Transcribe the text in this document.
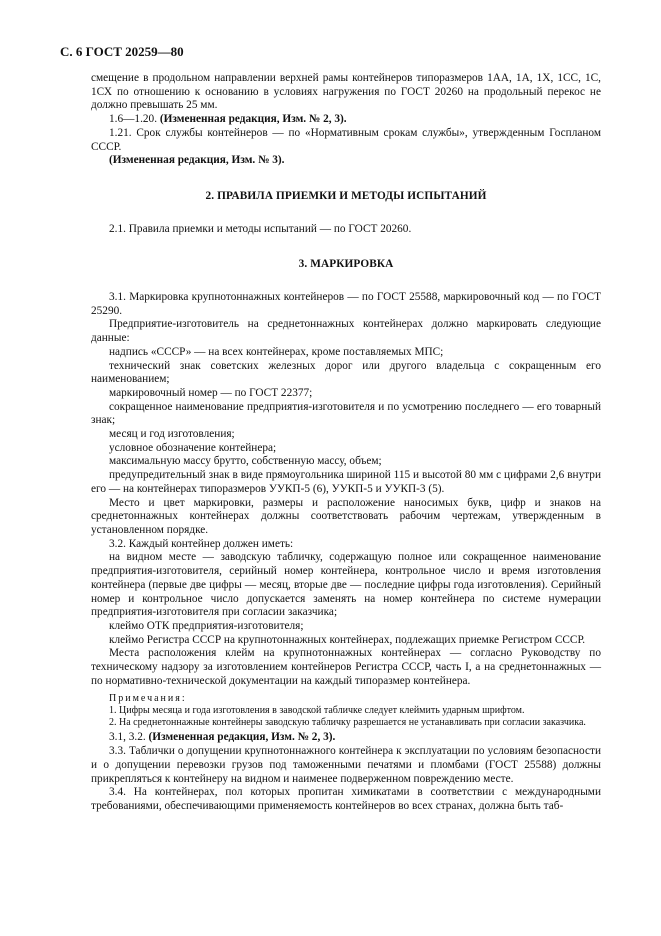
С. 6 ГОСТ 20259—80

смещение в продольном направлении верхней рамы контейнеров типоразмеров 1АА, 1А, 1Х, 1СС, 1С, 1СХ по отношению к основанию в условиях нагружения по ГОСТ 20260 на продольный перекос не должно превышать 25 мм.

1.6—1.20. (Измененная редакция, Изм. № 2, 3).

1.21. Срок службы контейнеров — по «Нормативным срокам службы», утвержденным Госпланом СССР.

(Измененная редакция, Изм. № 3).

2. ПРАВИЛА ПРИЕМКИ И МЕТОДЫ ИСПЫТАНИЙ

2.1. Правила приемки и методы испытаний — по ГОСТ 20260.

3. МАРКИРОВКА

3.1. Маркировка крупнотоннажных контейнеров — по ГОСТ 25588, маркировочный код — по ГОСТ 25290.

Предприятие-изготовитель на среднетоннажных контейнерах должно маркировать следующие данные:

надпись «СССР» — на всех контейнерах, кроме поставляемых МПС;

технический знак советских железных дорог или другого владельца с сокращенным его наименованием;

маркировочный номер — по ГОСТ 22377;

сокращенное наименование предприятия-изготовителя и по усмотрению последнего — его товарный знак;

месяц и год изготовления;

условное обозначение контейнера;

максимальную массу брутто, собственную массу, объем;

предупредительный знак в виде прямоугольника шириной 115 и высотой 80 мм с цифрами 2,6 внутри его — на контейнерах типоразмеров УУКП-5 (6), УУКП-5 и УУКП-3 (5).

Место и цвет маркировки, размеры и расположение наносимых букв, цифр и знаков на среднетоннажных контейнерах должны соответствовать рабочим чертежам, утвержденным в установленном порядке.

3.2. Каждый контейнер должен иметь:

на видном месте — заводскую табличку, содержащую полное или сокращенное наименование предприятия-изготовителя, серийный номер контейнера, контрольное число и время изготовления контейнера (первые две цифры — месяц, вторые две — последние цифры года изготовления). Серийный номер и контрольное число допускается заменять на номер контейнера по системе нумерации предприятия-изготовителя при согласии заказчика;

клеймо ОТК предприятия-изготовителя;

клеймо Регистра СССР на крупнотоннажных контейнерах, подлежащих приемке Регистром СССР.

Места расположения клейм на крупнотоннажных контейнерах — согласно Руководству по техническому надзору за изготовлением контейнеров Регистра СССР, часть I, а на среднетоннажных — по нормативно-технической документации на каждый типоразмер контейнера.

Примечания:

1. Цифры месяца и года изготовления в заводской табличке следует клеймить ударным шрифтом.

2. На среднетоннажные контейнеры заводскую табличку разрешается не устанавливать при согласии заказчика.

3.1, 3.2. (Измененная редакция, Изм. № 2, 3).

3.3. Таблички о допущении крупнотоннажного контейнера к эксплуатации по условиям безопасности и о допущении перевозки грузов под таможенными печатями и пломбами (ГОСТ 25588) должны прикрепляться к контейнеру на видном и наименее подверженном повреждению месте.

3.4. На контейнерах, пол которых пропитан химикатами в соответствии с международными требованиями, обеспечивающими применяемость контейнеров во всех странах, должна быть таб-
